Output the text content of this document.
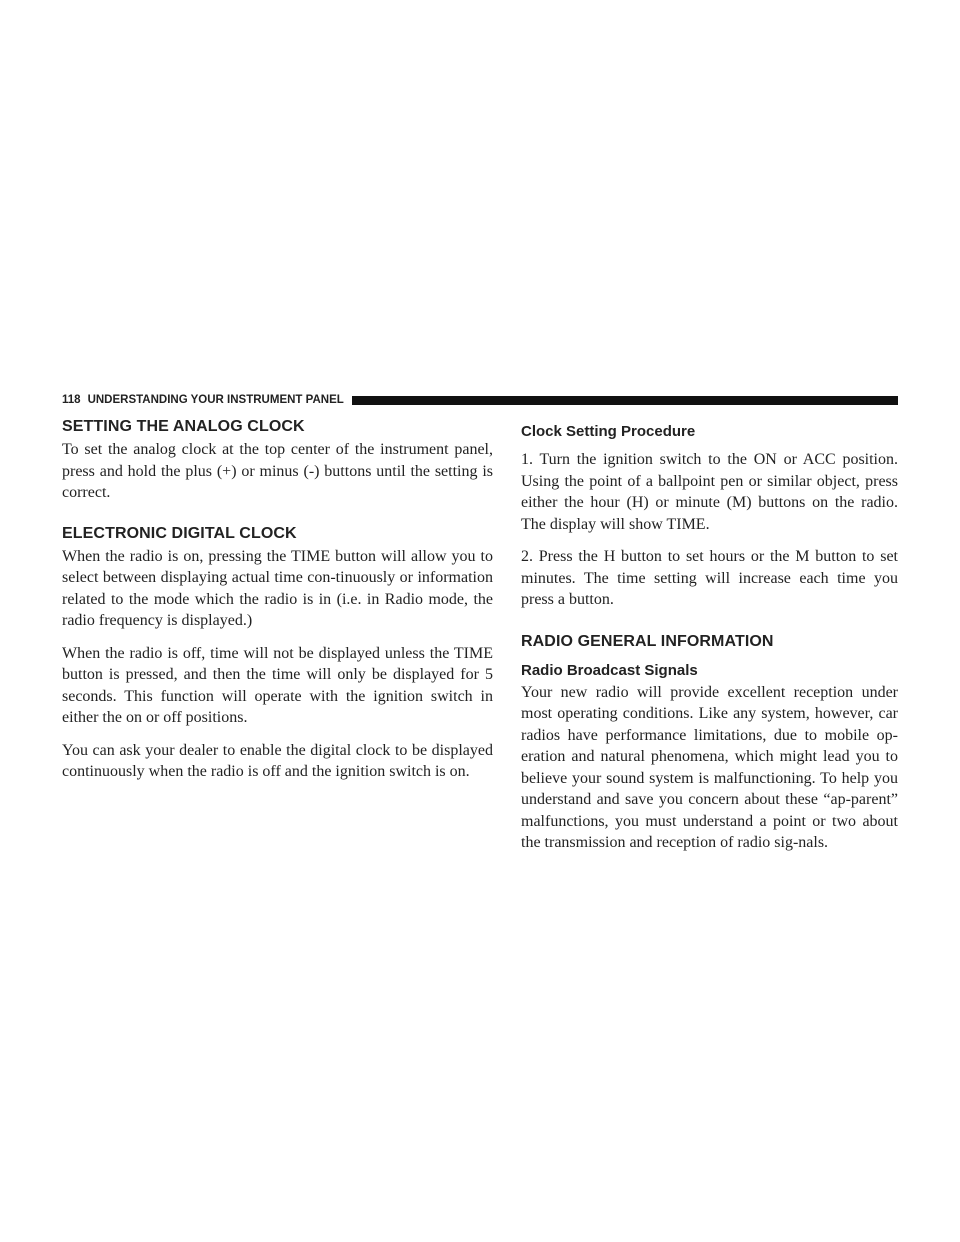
118 UNDERSTANDING YOUR INSTRUMENT PANEL
SETTING THE ANALOG CLOCK

To set the analog clock at the top center of the instrument panel, press and hold the plus (+) or minus (-) buttons until the setting is correct.

ELECTRONIC DIGITAL CLOCK

When the radio is on, pressing the TIME button will allow you to select between displaying actual time con-tinuously or information related to the mode which the radio is in (i.e. in Radio mode, the radio frequency is displayed.)

When the radio is off, time will not be displayed unless the TIME button is pressed, and then the time will only be displayed for 5 seconds. This function will operate with the ignition switch in either the on or off positions.

You can ask your dealer to enable the digital clock to be displayed continuously when the radio is off and the ignition switch is on.

Clock Setting Procedure

1. Turn the ignition switch to the ON or ACC position. Using the point of a ballpoint pen or similar object, press either the hour (H) or minute (M) buttons on the radio. The display will show TIME.

2. Press the H button to set hours or the M button to set minutes. The time setting will increase each time you press a button.

RADIO GENERAL INFORMATION
Radio Broadcast Signals

Your new radio will provide excellent reception under most operating conditions. Like any system, however, car radios have performance limitations, due to mobile op-eration and natural phenomena, which might lead you to believe your sound system is malfunctioning. To help you understand and save you concern about these “ap-parent” malfunctions, you must understand a point or two about the transmission and reception of radio sig-nals.
